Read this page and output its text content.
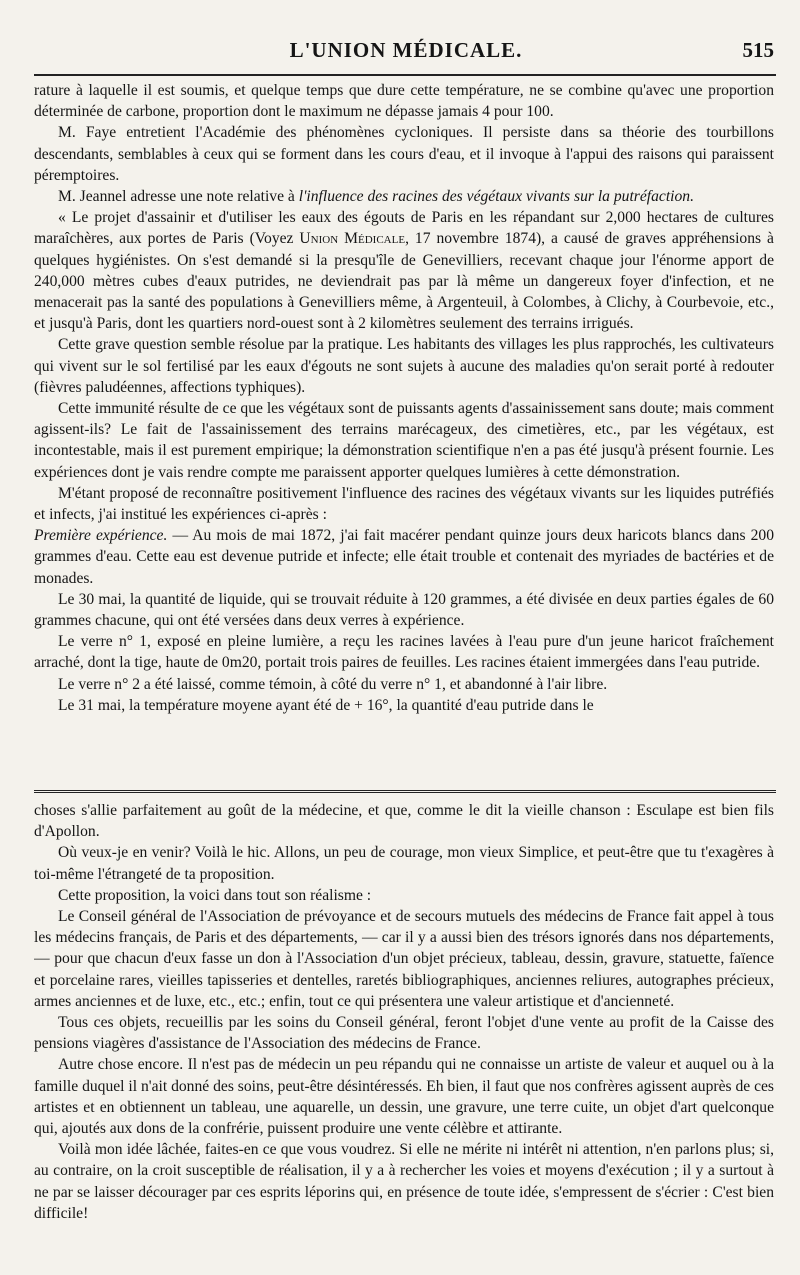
L'UNION MÉDICALE.	515

rature à laquelle il est soumis, et quelque temps que dure cette température, ne se combine qu'avec une proportion déterminée de carbone, proportion dont le maximum ne dépasse jamais 4 pour 100.

M. Faye entretient l'Académie des phénomènes cycloniques. Il persiste dans sa théorie des tourbillons descendants, semblables à ceux qui se forment dans les cours d'eau, et il invoque à l'appui des raisons qui paraissent péremptoires.

M. Jeannel adresse une note relative à l'influence des racines des végétaux vivants sur la putréfaction.

« Le projet d'assainir et d'utiliser les eaux des égouts de Paris en les répandant sur 2,000 hectares de cultures maraîchères, aux portes de Paris (Voyez Union Médicale, 17 novembre 1874), a causé de graves appréhensions à quelques hygiénistes. On s'est demandé si la presqu'île de Genevilliers, recevant chaque jour l'énorme apport de 240,000 mètres cubes d'eaux putrides, ne deviendrait pas par là même un dangereux foyer d'infection, et ne menacerait pas la santé des populations à Genevilliers même, à Argenteuil, à Colombes, à Clichy, à Courbevoie, etc., et jusqu'à Paris, dont les quartiers nord-ouest sont à 2 kilomètres seulement des terrains irrigués.

Cette grave question semble résolue par la pratique. Les habitants des villages les plus rapprochés, les cultivateurs qui vivent sur le sol fertilisé par les eaux d'égouts ne sont sujets à aucune des maladies qu'on serait porté à redouter (fièvres paludéennes, affections typhiques).

Cette immunité résulte de ce que les végétaux sont de puissants agents d'assainissement sans doute; mais comment agissent-ils? Le fait de l'assainissement des terrains marécageux, des cimetières, etc., par les végétaux, est incontestable, mais il est purement empirique; la démonstration scientifique n'en a pas été jusqu'à présent fournie. Les expériences dont je vais rendre compte me paraissent apporter quelques lumières à cette démonstration.

M'étant proposé de reconnaître positivement l'influence des racines des végétaux vivants sur les liquides putréfiés et infects, j'ai institué les expériences ci-après :

Première expérience. — Au mois de mai 1872, j'ai fait macérer pendant quinze jours deux haricots blancs dans 200 grammes d'eau. Cette eau est devenue putride et infecte; elle était trouble et contenait des myriades de bactéries et de monades.

Le 30 mai, la quantité de liquide, qui se trouvait réduite à 120 grammes, a été divisée en deux parties égales de 60 grammes chacune, qui ont été versées dans deux verres à expérience.

Le verre n° 1, exposé en pleine lumière, a reçu les racines lavées à l'eau pure d'un jeune haricot fraîchement arraché, dont la tige, haute de 0m20, portait trois paires de feuilles. Les racines étaient immergées dans l'eau putride.

Le verre n° 2 a été laissé, comme témoin, à côté du verre n° 1, et abandonné à l'air libre.

Le 31 mai, la température moyene ayant été de + 16°, la quantité d'eau putride dans le

choses s'allie parfaitement au goût de la médecine, et que, comme le dit la vieille chanson : Esculape est bien fils d'Apollon.

Où veux-je en venir? Voilà le hic. Allons, un peu de courage, mon vieux Simplice, et peut-être que tu t'exagères à toi-même l'étrangeté de ta proposition.

Cette proposition, la voici dans tout son réalisme :

Le Conseil général de l'Association de prévoyance et de secours mutuels des médecins de France fait appel à tous les médecins français, de Paris et des départements, — car il y a aussi bien des trésors ignorés dans nos départements, — pour que chacun d'eux fasse un don à l'Association d'un objet précieux, tableau, dessin, gravure, statuette, faïence et porcelaine rares, vieilles tapisseries et dentelles, raretés bibliographiques, anciennes reliures, autographes précieux, armes anciennes et de luxe, etc., etc.; enfin, tout ce qui présentera une valeur artistique et d'ancienneté.

Tous ces objets, recueillis par les soins du Conseil général, feront l'objet d'une vente au profit de la Caisse des pensions viagères d'assistance de l'Association des médecins de France.

Autre chose encore. Il n'est pas de médecin un peu répandu qui ne connaisse un artiste de valeur et auquel ou à la famille duquel il n'ait donné des soins, peut-être désintéressés. Eh bien, il faut que nos confrères agissent auprès de ces artistes et en obtiennent un tableau, une aquarelle, un dessin, une gravure, une terre cuite, un objet d'art quelconque qui, ajoutés aux dons de la confrérie, puissent produire une vente célèbre et attirante.

Voilà mon idée lâchée, faites-en ce que vous voudrez. Si elle ne mérite ni intérêt ni attention, n'en parlons plus; si, au contraire, on la croit susceptible de réalisation, il y a à rechercher les voies et moyens d'exécution ; il y a surtout à ne par se laisser décourager par ces esprits léporins qui, en présence de toute idée, s'empressent de s'écrier : C'est bien difficile!
